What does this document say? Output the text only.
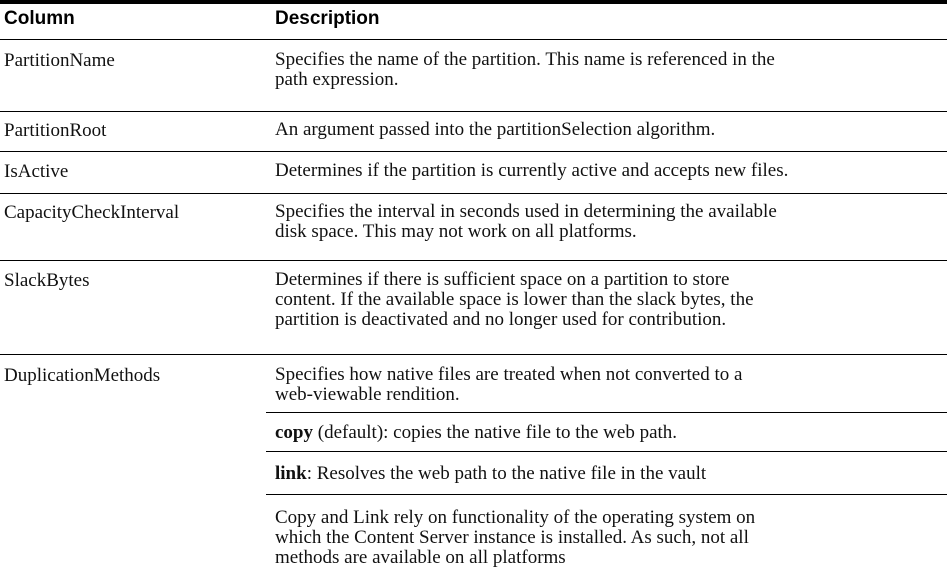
Column	Description
PartitionName	Specifies the name of the partition. This name is referenced in the

path expression.

PartitionRoot	An argument passed into the partitionSelection algorithm.

IsActive	Determines if the partition is currently active and accepts new files.

CapacityCheckInterval	Specifies the interval in seconds used in determining the available

disk space. This may not work on all platforms.

SlackBytes	Determines if there is sufficient space on a partition to store

content. If the available space is lower than the slack bytes, the

partition is deactivated and no longer used for contribution.

DuplicationMethods	Specifies how native files are treated when not converted to a

web-viewable rendition.

copy (default): copies the native file to the web path.
link: Resolves the web path to the native file in the vault

Copy and Link rely on functionality of the operating system on

which the Content Server instance is installed. As such, not all

methods are available on all platforms
